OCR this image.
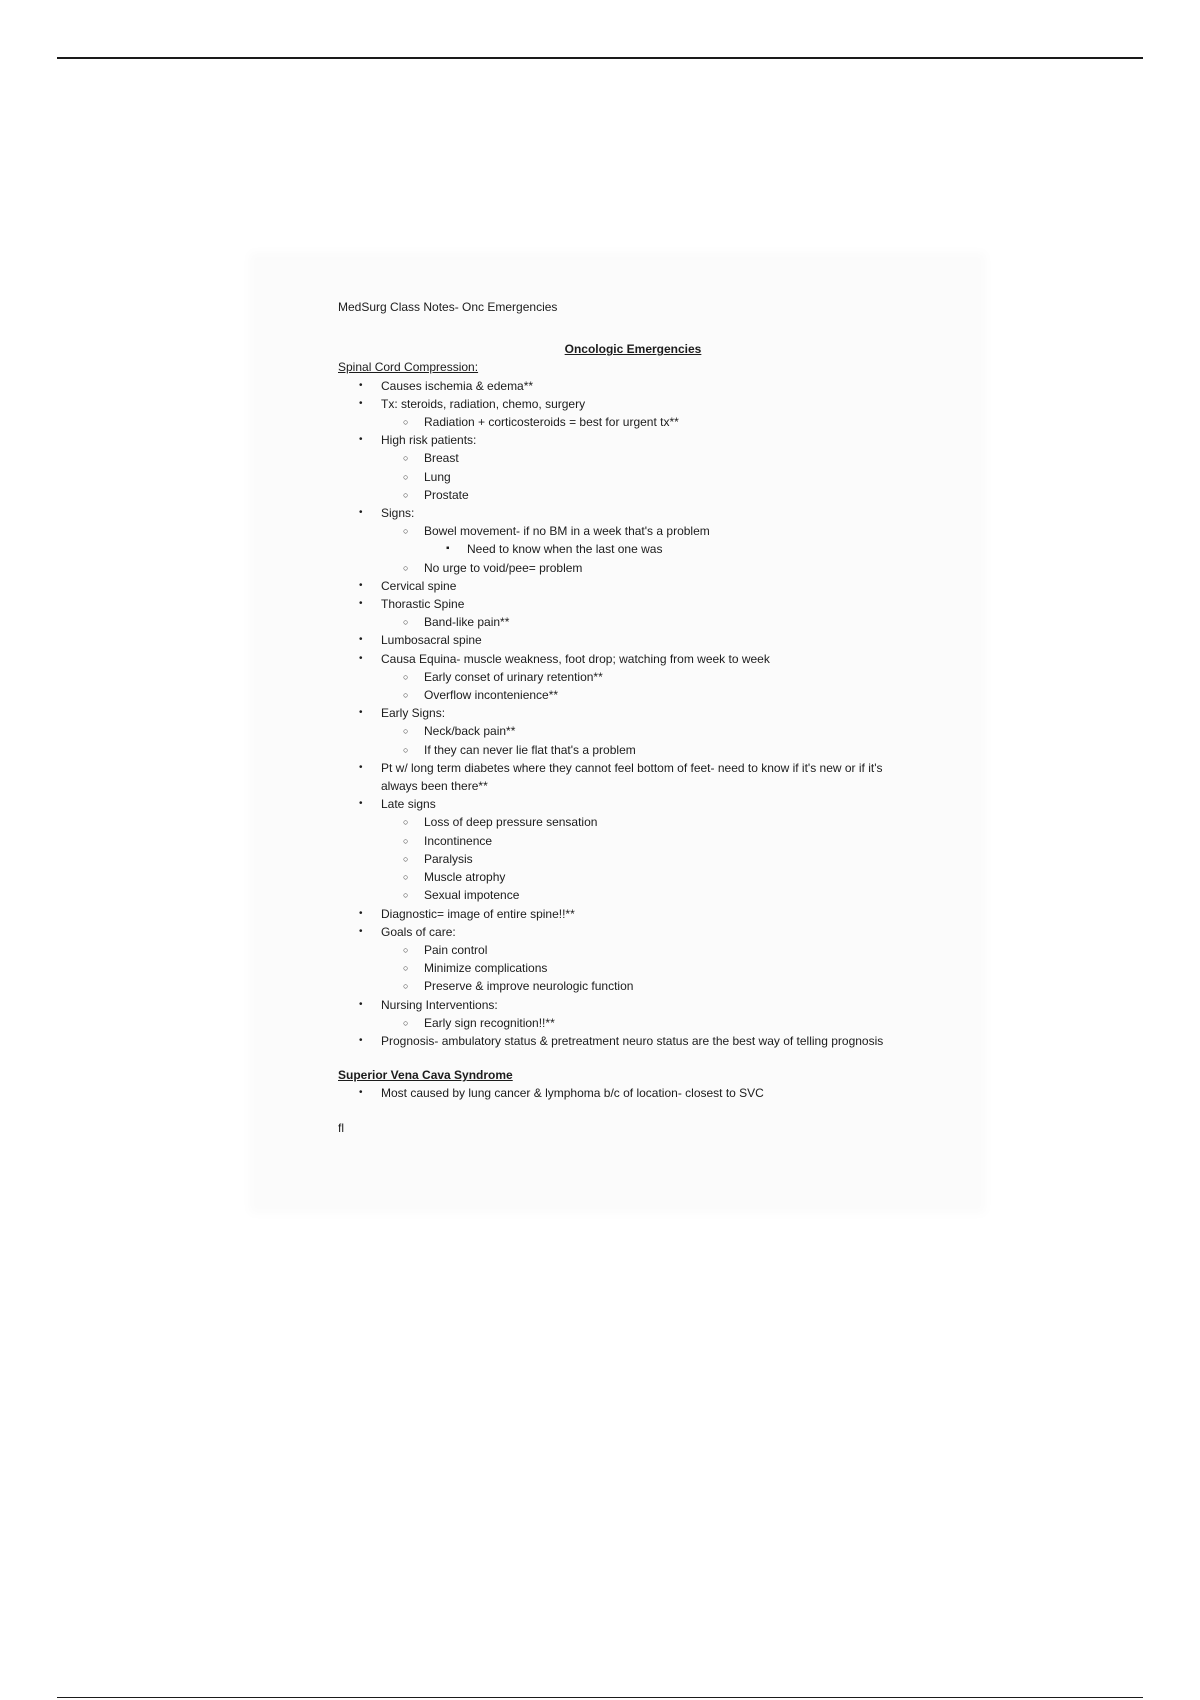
MedSurg Class Notes- Onc Emergencies

Oncologic Emergencies

Spinal Cord Compression:

• Causes ischemia & edema**
• Tx: steroids, radiation, chemo, surgery
○ Radiation + corticosteroids = best for urgent tx**
• High risk patients:
○ Breast
○ Lung
○ Prostate
• Signs:
○ Bowel movement- if no BM in a week that's a problem
▪ Need to know when the last one was
○ No urge to void/pee= problem
• Cervical spine
• Thorastic Spine
○ Band-like pain**
• Lumbosacral spine
• Causa Equina- muscle weakness, foot drop; watching from week to week
○ Early conset of urinary retention**
○ Overflow incontenience**
• Early Signs:
○ Neck/back pain**
○ If they can never lie flat that's a problem
• Pt w/ long term diabetes where they cannot feel bottom of feet- need to know if it's new or if it's always been there**
• Late signs
○ Loss of deep pressure sensation
○ Incontinence
○ Paralysis
○ Muscle atrophy
○ Sexual impotence
• Diagnostic= image of entire spine!!**
• Goals of care:
○ Pain control
○ Minimize complications
○ Preserve & improve neurologic function
• Nursing Interventions:
○ Early sign recognition!!**
• Prognosis- ambulatory status & pretreatment neuro status are the best way of telling prognosis

Superior Vena Cava Syndrome

• Most caused by lung cancer & lymphoma b/c of location- closest to SVC

fl
